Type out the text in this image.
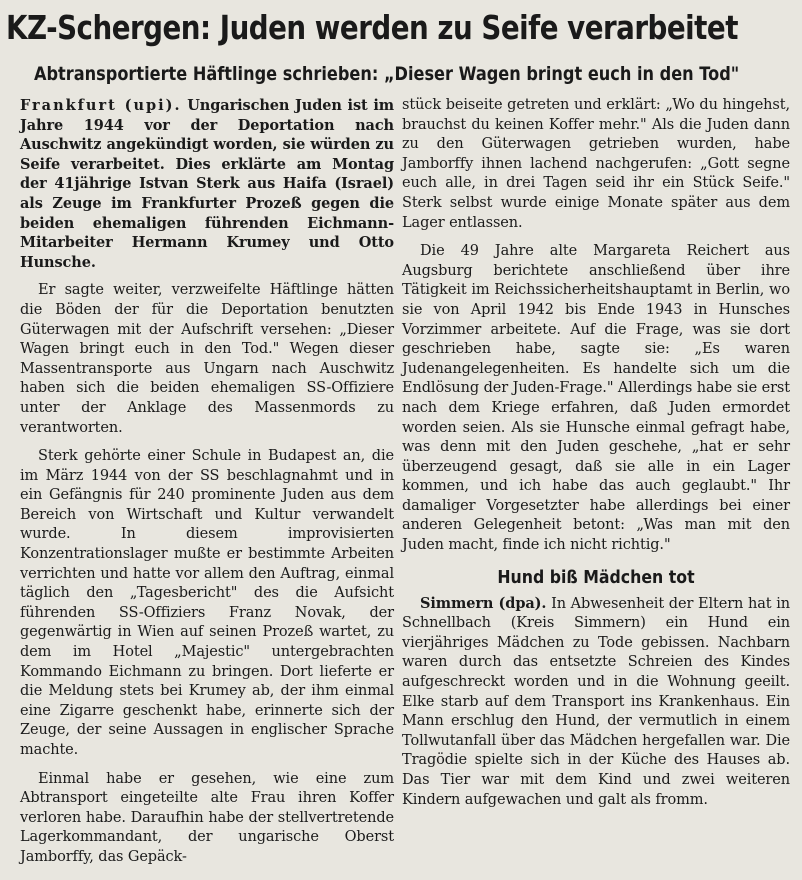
KZ-Schergen: Juden werden zu Seife verarbeitet
Abtransportierte Häftlinge schrieben: „Dieser Wagen bringt euch in den Tod"

Frankfurt (upi). Ungarischen Juden ist im Jahre 1944 vor der Deportation nach Auschwitz angekündigt worden, sie würden zu Seife verarbeitet. Dies erklärte am Montag der 41jährige Istvan Sterk aus Haifa (Israel) als Zeuge im Frankfurter Prozeß gegen die beiden ehemaligen führenden Eichmann-Mitarbeiter Hermann Krumey und Otto Hunsche.

Er sagte weiter, verzweifelte Häftlinge hätten die Böden der für die Deportation benutzten Güterwagen mit der Aufschrift versehen: „Dieser Wagen bringt euch in den Tod." Wegen dieser Massentransporte aus Ungarn nach Auschwitz haben sich die beiden ehemaligen SS-Offiziere unter der Anklage des Massenmords zu verantworten.

Sterk gehörte einer Schule in Budapest an, die im März 1944 von der SS beschlagnahmt und in ein Gefängnis für 240 prominente Juden aus dem Bereich von Wirtschaft und Kultur verwandelt wurde. In diesem improvisierten Konzentrationslager mußte er bestimmte Arbeiten verrichten und hatte vor allem den Auftrag, einmal täglich den „Tagesbericht" des die Aufsicht führenden SS-Offiziers Franz Novak, der gegenwärtig in Wien auf seinen Prozeß wartet, zu dem im Hotel „Majestic" untergebrachten Kommando Eichmann zu bringen. Dort lieferte er die Meldung stets bei Krumey ab, der ihm einmal eine Zigarre geschenkt habe, erinnerte sich der Zeuge, der seine Aussagen in englischer Sprache machte.

Einmal habe er gesehen, wie eine zum Abtransport eingeteilte alte Frau ihren Koffer verloren habe. Daraufhin habe der stellvertretende Lagerkommandant, der ungarische Oberst Jamborffy, das Gepäck-

stück beiseite getreten und erklärt: „Wo du hingehst, brauchst du keinen Koffer mehr." Als die Juden dann zu den Güterwagen getrieben wurden, habe Jamborffy ihnen lachend nachgerufen: „Gott segne euch alle, in drei Tagen seid ihr ein Stück Seife." Sterk selbst wurde einige Monate später aus dem Lager entlassen.

Die 49 Jahre alte Margareta Reichert aus Augsburg berichtete anschließend über ihre Tätigkeit im Reichssicherheitshauptamt in Berlin, wo sie von April 1942 bis Ende 1943 in Hunsches Vorzimmer arbeitete. Auf die Frage, was sie dort geschrieben habe, sagte sie: „Es waren Judenangelegenheiten. Es handelte sich um die Endlösung der Juden-Frage." Allerdings habe sie erst nach dem Kriege erfahren, daß Juden ermordet worden seien. Als sie Hunsche einmal gefragt habe, was denn mit den Juden geschehe, „hat er sehr überzeugend gesagt, daß sie alle in ein Lager kommen, und ich habe das auch geglaubt." Ihr damaliger Vorgesetzter habe allerdings bei einer anderen Gelegenheit betont: „Was man mit den Juden macht, finde ich nicht richtig."

Hund biß Mädchen tot

Simmern (dpa). In Abwesenheit der Eltern hat in Schnellbach (Kreis Simmern) ein Hund ein vierjähriges Mädchen zu Tode gebissen. Nachbarn waren durch das entsetzte Schreien des Kindes aufgeschreckt worden und in die Wohnung geeilt. Elke starb auf dem Transport ins Krankenhaus. Ein Mann erschlug den Hund, der vermutlich in einem Tollwutanfall über das Mädchen hergefallen war. Die Tragödie spielte sich in der Küche des Hauses ab. Das Tier war mit dem Kind und zwei weiteren Kindern aufgewachen und galt als fromm.
